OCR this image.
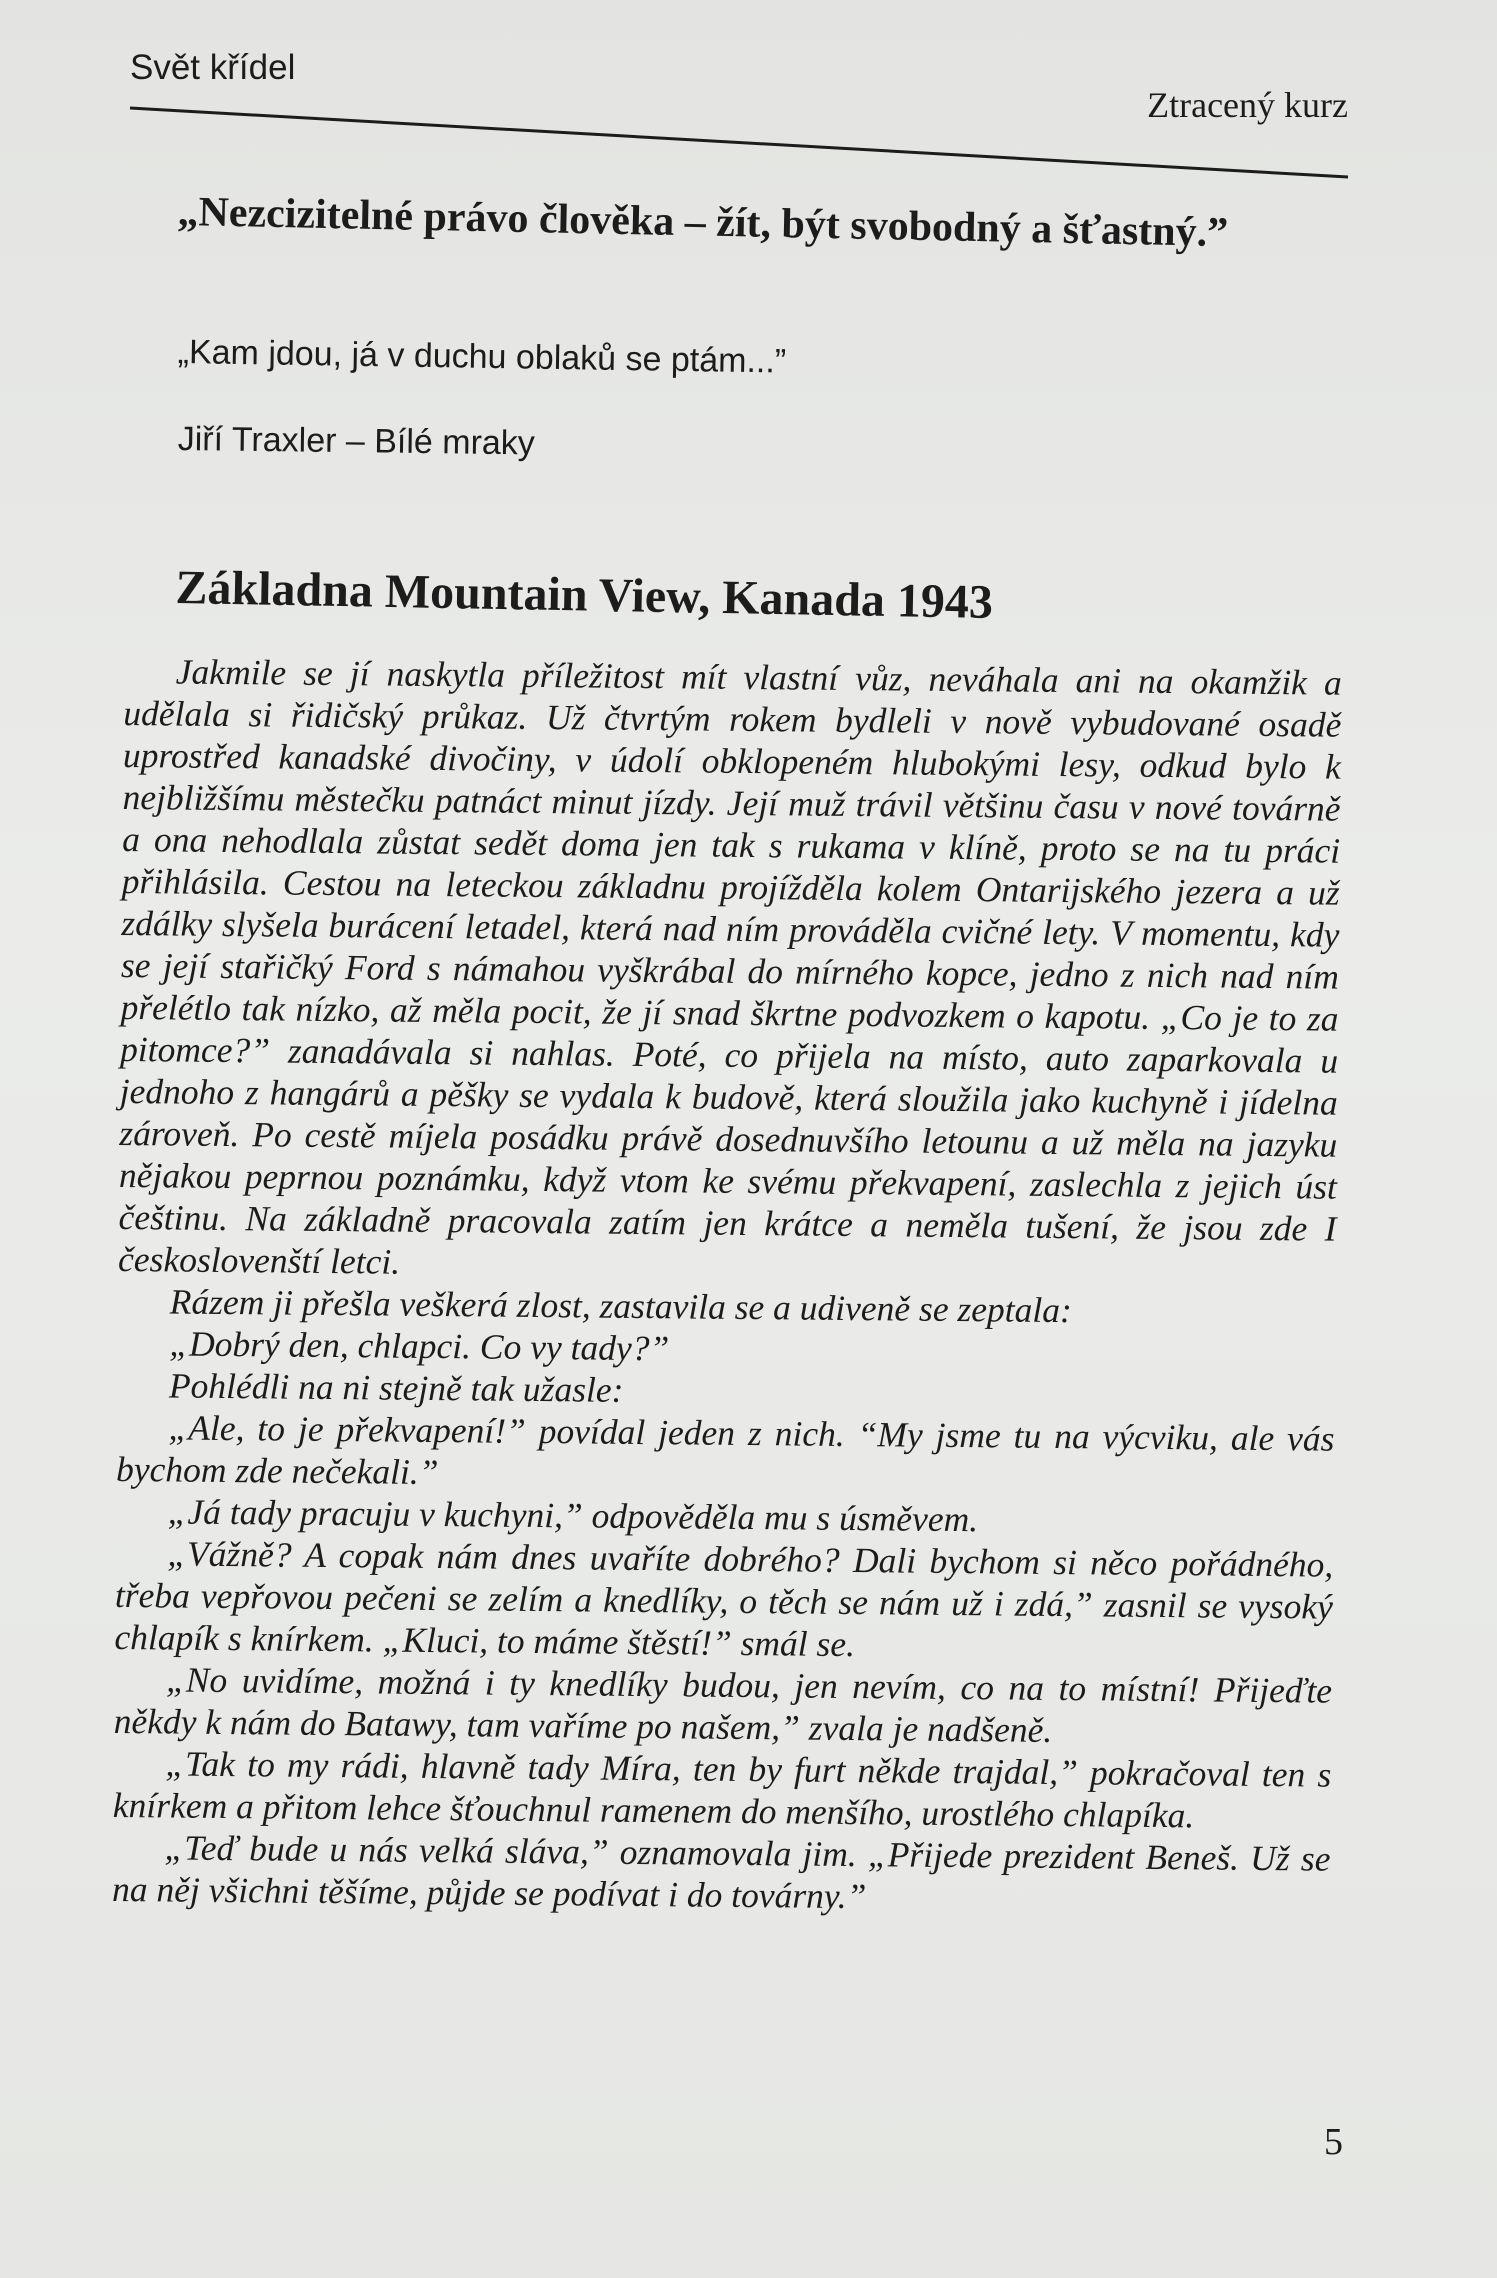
Svět křídel
Ztracený kurz
„Nezcizitelné právo člověka – žít, být svobodný a šťastný.”
„Kam jdou, já v duchu oblaků se ptám...”
Jiří Traxler – Bílé mraky
Základna Mountain View, Kanada 1943

Jakmile se jí naskytla příležitost mít vlastní vůz, neváhala ani na okamžik a udělala si řidičský průkaz. Už čtvrtým rokem bydleli v nově vybudované osadě uprostřed kanadské divočiny, v údolí obklopeném hlubokými lesy, odkud bylo k nejbližšímu městečku patnáct minut jízdy. Její muž trávil většinu času v nové továrně a ona nehodlala zůstat sedět doma jen tak s rukama v klíně, proto se na tu práci přihlásila. Cestou na leteckou základnu projížděla kolem Ontarijského jezera a už zdálky slyšela burácení letadel, která nad ním prováděla cvičné lety. V momentu, kdy se její stařičký Ford s námahou vyškrábal do mírného kopce, jedno z nich nad ním přelétlo tak nízko, až měla pocit, že jí snad škrtne podvozkem o kapotu. „Co je to za pitomce?” zanadávala si nahlas. Poté, co přijela na místo, auto zaparkovala u jednoho z hangárů a pěšky se vydala k budově, která sloužila jako kuchyně i jídelna zároveň. Po cestě míjela posádku právě dosednuvšího letounu a už měla na jazyku nějakou peprnou poznámku, když vtom ke svému překvapení, zaslechla z jejich úst češtinu. Na základně pracovala zatím jen krátce a neměla tušení, že jsou zde I českoslovenští letci.

Rázem ji přešla veškerá zlost, zastavila se a udiveně se zeptala:

„Dobrý den, chlapci. Co vy tady?”

Pohlédli na ni stejně tak užasle:

„Ale, to je překvapení!” povídal jeden z nich. “My jsme tu na výcviku, ale vás bychom zde nečekali.”

„Já tady pracuju v kuchyni,” odpověděla mu s úsměvem.

„Vážně? A copak nám dnes uvaříte dobrého? Dali bychom si něco pořádného, třeba vepřovou pečeni se zelím a knedlíky, o těch se nám už i zdá,” zasnil se vysoký chlapík s knírkem. „Kluci, to máme štěstí!” smál se.

„No uvidíme, možná i ty knedlíky budou, jen nevím, co na to místní! Přijeďte někdy k nám do Batawy, tam vaříme po našem,” zvala je nadšeně.

„Tak to my rádi, hlavně tady Míra, ten by furt někde trajdal,” pokračoval ten s knírkem a přitom lehce šťouchnul ramenem do menšího, urostlého chlapíka.

„Teď bude u nás velká sláva,” oznamovala jim. „Přijede prezident Beneš. Už se na něj všichni těšíme, půjde se podívat i do továrny.”

5
